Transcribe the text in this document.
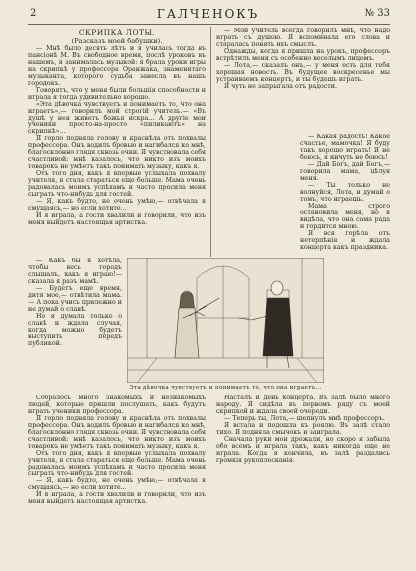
2	ГАЛЧЕНОКЪ	№ 33

СКРИПКА ЛОТЫ.

(Разсказъ моей бабушки).

— Мнѣ было десять лѣтъ и я училась тогда въ пансіонѣ М. Въ свободное время, послѣ уроковъ въ нашемъ, я занималась музыкой: я брала уроки игры на скрипкѣ у профессора Оранжака, знаменитаго музыканта, которого судьба занесла въ нашъ городокъ.

Говорятъ, что у меня были большія способности и играла я тогда удивительно хорошо.

«Эта дѣвочка чувствуетъ и понимаетъ то, что она играетъ»,— говорилъ мой строгій учитель.— «Въ душѣ у нея живетъ божья искра... А другіе мои ученики просто-на-просто «пиликаютъ» на скрипкѣ»...

Я горло подняла голову и краснѣла отъ похвалы профессора. Онъ водилъ бровью и нагибался ко мнѣ, благосклонно глядя сквозь очки. Я чувствовала себя счастливой: мнѣ казалось, что никто изъ моихъ товарокъ не умѣетъ такъ понимать музыку, какъ я.

Отъ того дня, какъ я впервые услыхала похвалу учителя, я стала стараться еще больше. Мама очень радовалась моимъ успѣхамъ и часто просила меня сыграть что-нибудь для гостей.

— Я, какъ будто, не очень умѣю,— отвѣчала я смущаясь,— но если хотите...

И я играла, а гости хвалили и говорили, что изъ меня выйдетъ настоящая артистка.

— Какъ бы я хотѣла, чтобы весь городъ слышалъ, какъ я играю!— сказала я разъ мамѣ.

— Будетъ еще время, дитя мое,— отвѣтила мама.— А пока учись прилежно и не думай о славѣ.

Но я думала только о славѣ и ждала случая, когда можно будетъ выступить передъ публикой.

Собралось много знакомыхъ и незнакомыхъ людей, которые пришли послушать, какъ будутъ играть ученики профессора.

Я горло подняла голову и краснѣла отъ похвалы профессора. Онъ водилъ бровью и нагибался ко мнѣ, благосклонно глядя сквозь очки. Я чувствовала себя счастливой: мнѣ казалось, что никто изъ моихъ товарокъ не умѣетъ такъ понимать музыку, какъ я.

Отъ того дня, какъ я впервые услыхала похвалу учителя, я стала стараться еще больше. Мама очень радовалась моимъ успѣхамъ и часто просила меня сыграть что-нибудь для гостей.

— Я, какъ будто, не очень умѣю,— отвѣчала я смущаясь,— но если хотите...

И я играла, а гости хвалили и говорили, что изъ меня выйдетъ настоящая артистка.

— Мой учитель всегда говорилъ мнѣ, что надо играть съ душою. Я вспоминала его слова и старалась понять ихъ смыслъ.

Однажды, когда я пришла на урокъ, профессоръ встрѣтилъ меня съ особенно веселымъ лицомъ.

— Лота,— сказалъ онъ,— у меня есть для тебя хорошая новость. Въ будущее воскресенье мы устраиваемъ концертъ, и ты будешь играть.

Я чуть не запрыгала отъ радости.

— Какая радость! Какое счастье, мамочка! Я буду такъ хорошо играть! Я не боюсь, я ничуть не боюсь!

— Дай Богъ, дай Богъ,— говорила мама, цѣлуя меня.

— Ты только не волнуйся, Лота, и думай о томъ, что играешь.

Мама строго остановила меня, но я видѣла, что она сама рада и гордится мною.

Я вся горѣла отъ нетерпѣнія и ждала концерта какъ праздника.

Насталъ и день концерта. Въ залѣ было много народу. Я сидѣла въ первомъ ряду съ моей скрипкой и ждала своей очереди.

— Теперь ты, Лота,— шепнулъ мнѣ профессоръ.

Я встала и подошла къ роялю. Въ залѣ стало тихо. Я подняла смычокъ и заиграла.

Сначала руки мои дрожали, но скоро я забыла обо всемъ и играла такъ, какъ никогда еще не играла. Когда я кончила, въ залѣ раздались громкія рукоплесканія.

Эта дѣвочка чувствуетъ и понимаетъ то, что она играетъ...
